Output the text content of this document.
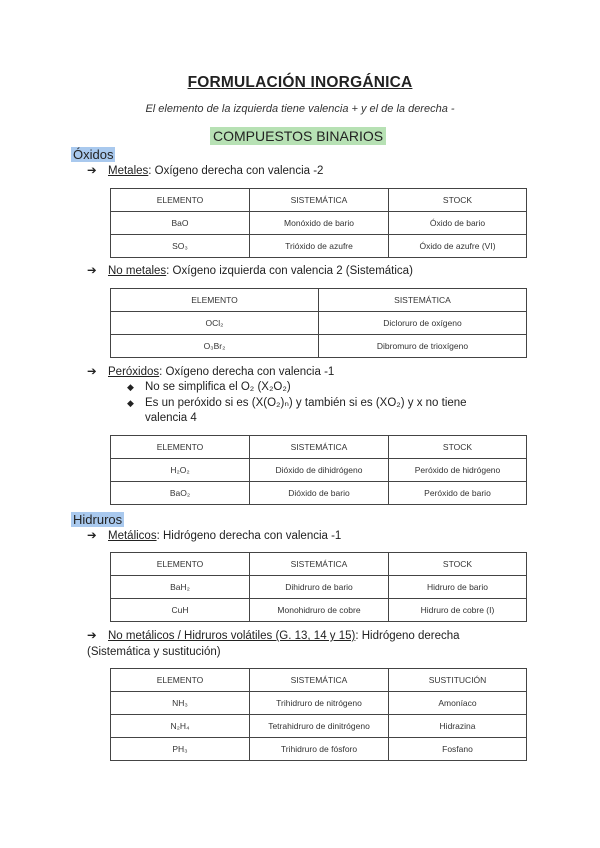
FORMULACIÓN INORGÁNICA
El elemento de la izquierda tiene valencia + y el de la derecha -
COMPUESTOS BINARIOS
Óxidos
➔ Metales: Oxígeno derecha con valencia -2
ELEMENTO	SISTEMÁTICA	STOCK
BaO	Monóxido de bario	Óxido de bario
SO₃	Trióxido de azufre	Óxido de azufre (VI)
➔ No metales: Oxígeno izquierda con valencia 2 (Sistemática)
ELEMENTO	SISTEMÁTICA
OCl₂	Dicloruro de oxígeno
O₃Br₂	Dibromuro de trioxígeno
➔ Peróxidos: Oxígeno derecha con valencia -1
◆ No se simplifica el O₂ (X₂O₂)
◆ Es un peróxido si es (X(O₂)ₙ) y también si es (XO₂) y x no tiene valencia 4
ELEMENTO	SISTEMÁTICA	STOCK
H₂O₂	Dióxido de dihidrógeno	Peróxido de hidrógeno
BaO₂	Dióxido de bario	Peróxido de bario
Hidruros
➔ Metálicos: Hidrógeno derecha con valencia -1
ELEMENTO	SISTEMÁTICA	STOCK
BaH₂	Dihidruro de bario	Hidruro de bario
CuH	Monohidruro de cobre	Hidruro de cobre (I)
➔ No metálicos / Hidruros volátiles (G. 13, 14 y 15): Hidrógeno derecha (Sistemática y sustitución)
ELEMENTO	SISTEMÁTICA	SUSTITUCIÓN
NH₃	Trihidruro de nitrógeno	Amoníaco
N₂H₄	Tetrahidruro de dinitrógeno	Hidrazina
PH₃	Trihidruro de fósforo	Fosfano
